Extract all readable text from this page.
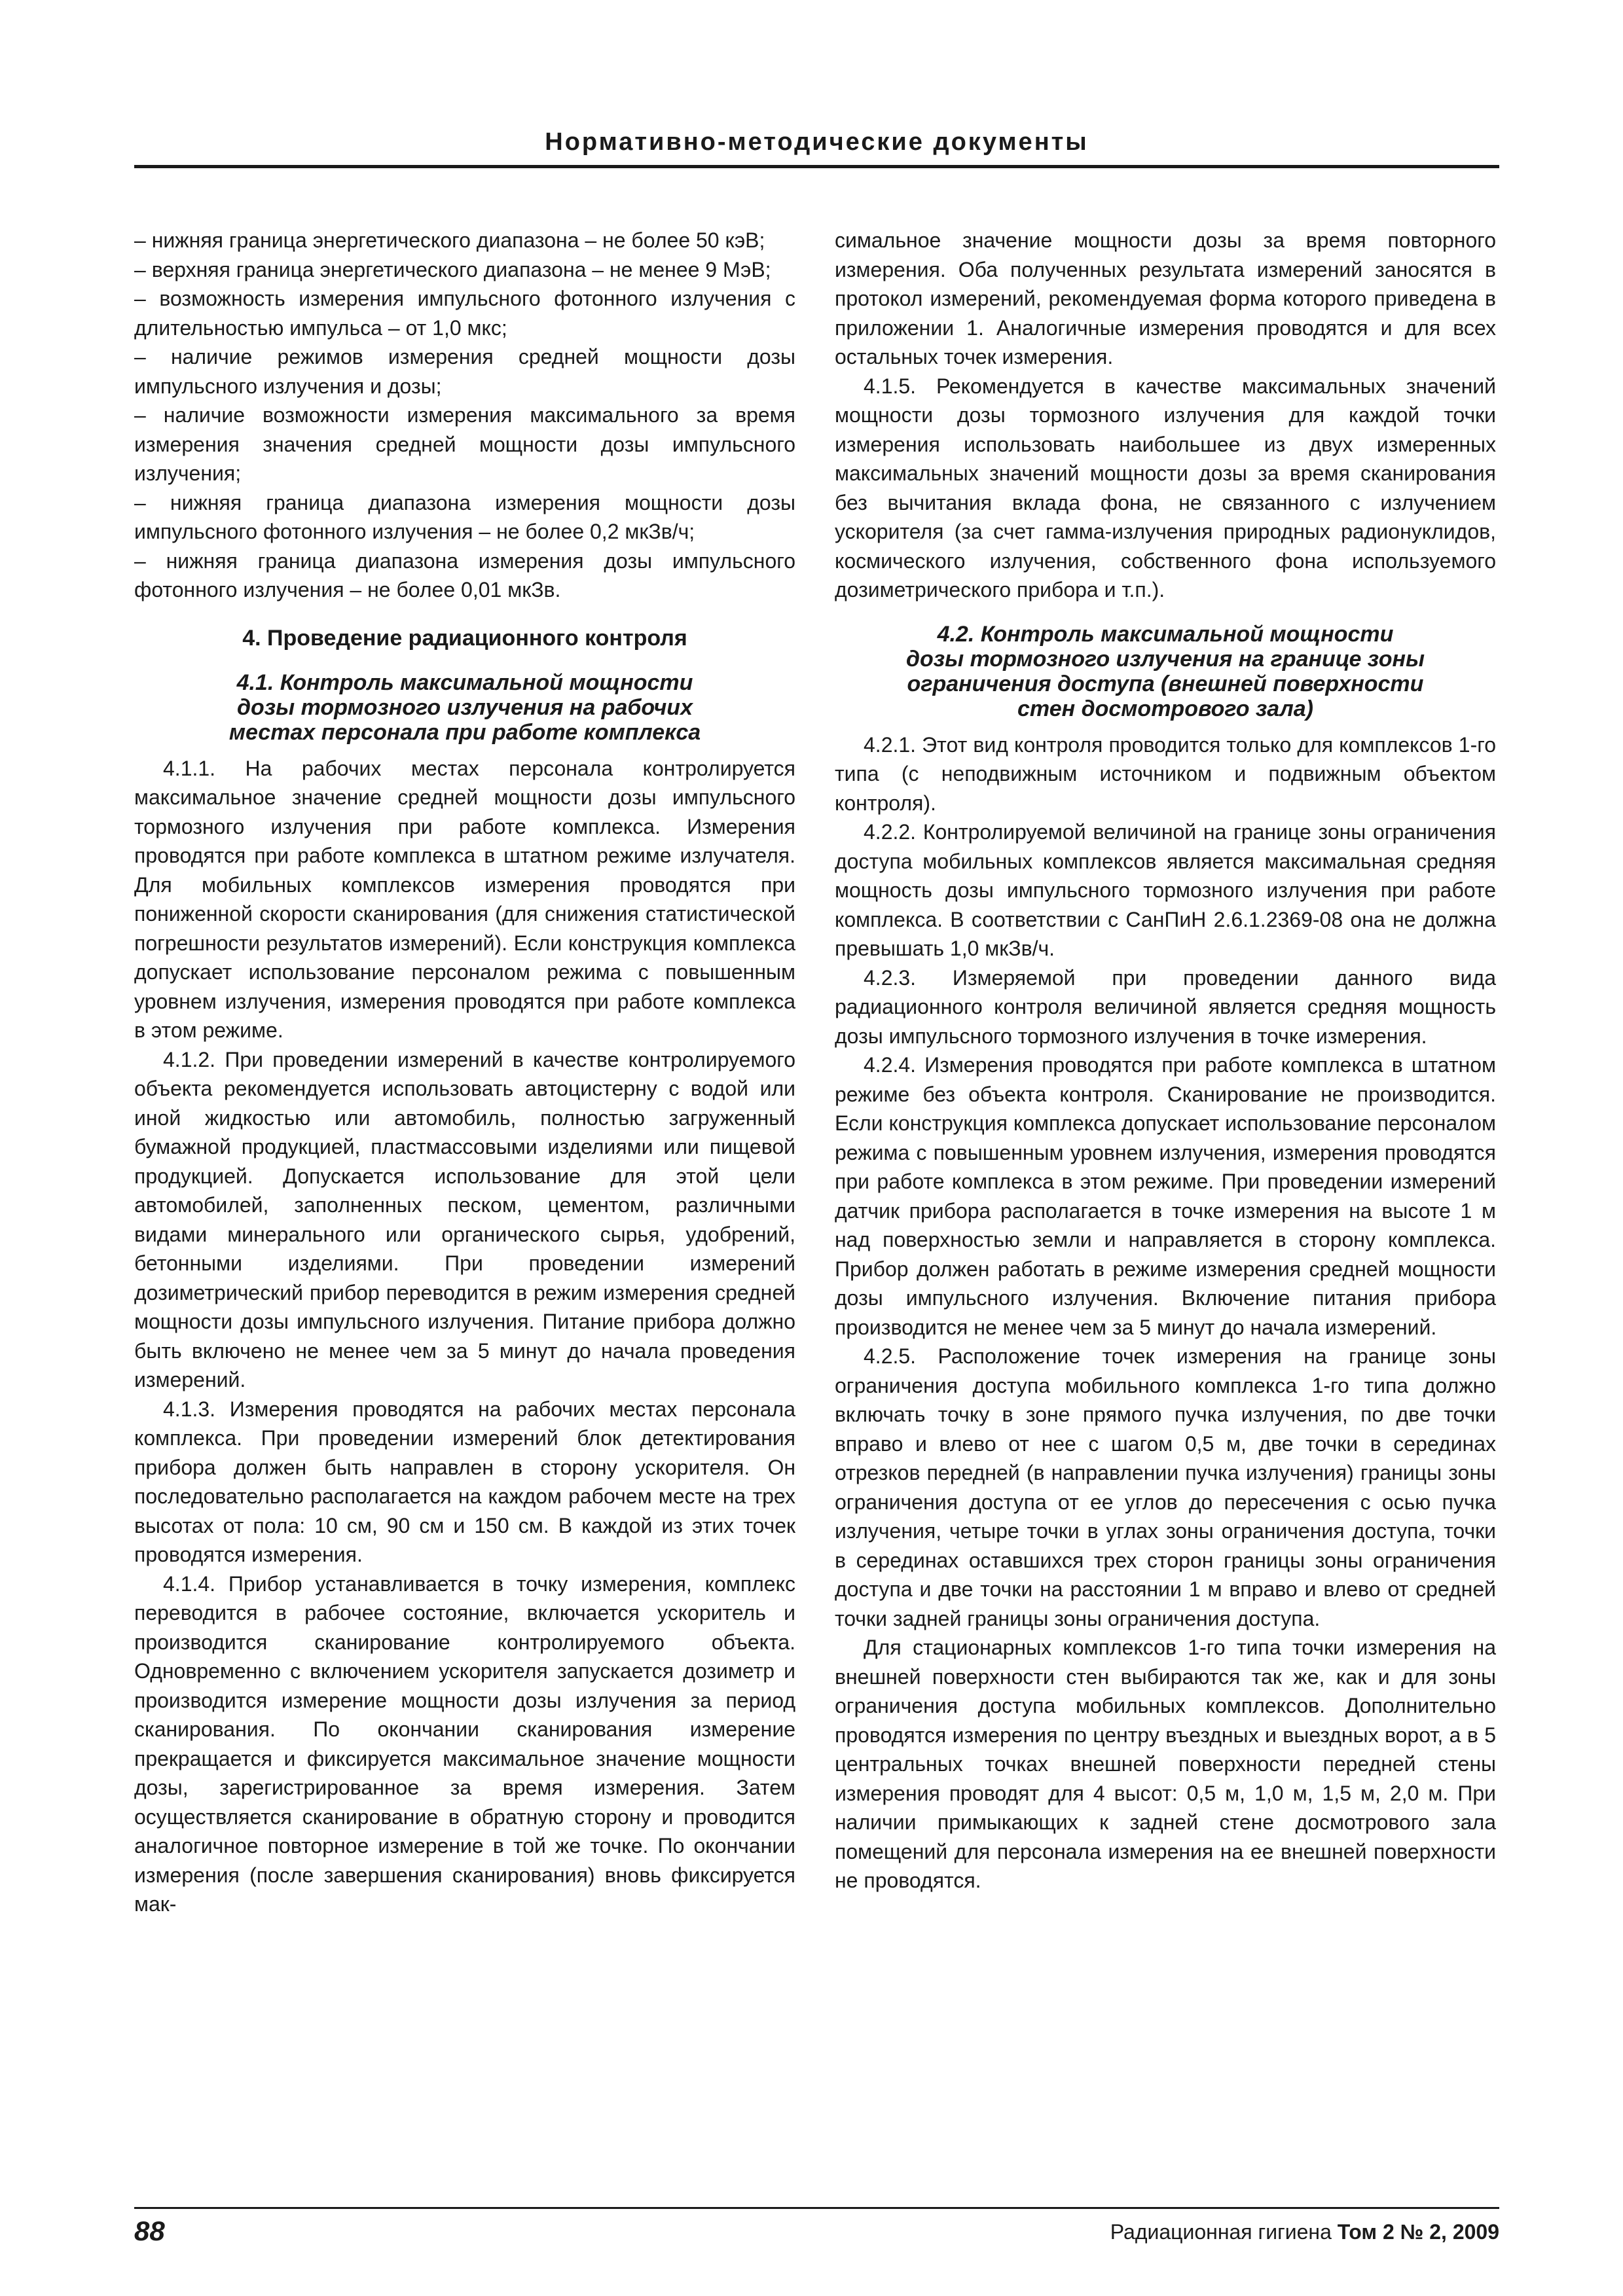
Нормативно-методические документы

– нижняя граница энергетического диапазона – не более 50 кэВ;

– верхняя граница энергетического диапазона – не менее 9 МэВ;

– возможность измерения импульсного фотонного излучения с длительностью импульса – от 1,0 мкс;

– наличие режимов измерения средней мощности дозы импульсного излучения и дозы;

– наличие возможности измерения максимального за время измерения значения средней мощности дозы импульсного излучения;

– нижняя граница диапазона измерения мощности дозы импульсного фотонного излучения – не более 0,2 мкЗв/ч;

– нижняя граница диапазона измерения дозы импульсного фотонного излучения – не более 0,01 мкЗв.

4. Проведение радиационного контроля
4.1. Контроль максимальной мощности
дозы тормозного излучения на рабочих
местах персонала при работе комплекса

4.1.1. На рабочих местах персонала контролируется максимальное значение средней мощности дозы импульсного тормозного излучения при работе комплекса. Измерения проводятся при работе комплекса в штатном режиме излучателя. Для мобильных комплексов измерения проводятся при пониженной скорости сканирования (для снижения статистической погрешности результатов измерений). Если конструкция комплекса допускает использование персоналом режима с повышенным уровнем излучения, измерения проводятся при работе комплекса в этом режиме.

4.1.2. При проведении измерений в качестве контролируемого объекта рекомендуется использовать автоцистерну с водой или иной жидкостью или автомобиль, полностью загруженный бумажной продукцией, пластмассовыми изделиями или пищевой продукцией. Допускается использование для этой цели автомобилей, заполненных песком, цементом, различными видами минерального или органического сырья, удобрений, бетонными изделиями. При проведении измерений дозиметрический прибор переводится в режим измерения средней мощности дозы импульсного излучения. Питание прибора должно быть включено не менее чем за 5 минут до начала проведения измерений.

4.1.3. Измерения проводятся на рабочих местах персонала комплекса. При проведении измерений блок детектирования прибора должен быть направлен в сторону ускорителя. Он последовательно располагается на каждом рабочем месте на трех высотах от пола: 10 см, 90 см и 150 см. В каждой из этих точек проводятся измерения.

4.1.4. Прибор устанавливается в точку измерения, комплекс переводится в рабочее состояние, включается ускоритель и производится сканирование контролируемого объекта. Одновременно с включением ускорителя запускается дозиметр и производится измерение мощности дозы излучения за период сканирования. По окончании сканирования измерение прекращается и фиксируется максимальное значение мощности дозы, зарегистрированное за время измерения. Затем осуществляется сканирование в обратную сторону и проводится аналогичное повторное измерение в той же точке. По окончании измерения (после завершения сканирования) вновь фиксируется мак-

симальное значение мощности дозы за время повторного измерения. Оба полученных результата измерений заносятся в протокол измерений, рекомендуемая форма которого приведена в приложении 1. Аналогичные измерения проводятся и для всех остальных точек измерения.

4.1.5. Рекомендуется в качестве максимальных значений мощности дозы тормозного излучения для каждой точки измерения использовать наибольшее из двух измеренных максимальных значений мощности дозы за время сканирования без вычитания вклада фона, не связанного с излучением ускорителя (за счет гамма-излучения природных радионуклидов, космического излучения, собственного фона используемого дозиметрического прибора и т.п.).

4.2. Контроль максимальной мощности
дозы тормозного излучения на границе зоны
ограничения доступа (внешней поверхности
стен досмотрового зала)

4.2.1. Этот вид контроля проводится только для комплексов 1-го типа (с неподвижным источником и подвижным объектом контроля).

4.2.2. Контролируемой величиной на границе зоны ограничения доступа мобильных комплексов является максимальная средняя мощность дозы импульсного тормозного излучения при работе комплекса. В соответствии с СанПиН 2.6.1.2369-08 она не должна превышать 1,0 мкЗв/ч.

4.2.3. Измеряемой при проведении данного вида радиационного контроля величиной является средняя мощность дозы импульсного тормозного излучения в точке измерения.

4.2.4. Измерения проводятся при работе комплекса в штатном режиме без объекта контроля. Сканирование не производится. Если конструкция комплекса допускает использование персоналом режима с повышенным уровнем излучения, измерения проводятся при работе комплекса в этом режиме. При проведении измерений датчик прибора располагается в точке измерения на высоте 1 м над поверхностью земли и направляется в сторону комплекса. Прибор должен работать в режиме измерения средней мощности дозы импульсного излучения. Включение питания прибора производится не менее чем за 5 минут до начала измерений.

4.2.5. Расположение точек измерения на границе зоны ограничения доступа мобильного комплекса 1-го типа должно включать точку в зоне прямого пучка излучения, по две точки вправо и влево от нее с шагом 0,5 м, две точки в серединах отрезков передней (в направлении пучка излучения) границы зоны ограничения доступа от ее углов до пересечения с осью пучка излучения, четыре точки в углах зоны ограничения доступа, точки в серединах оставшихся трех сторон границы зоны ограничения доступа и две точки на расстоянии 1 м вправо и влево от средней точки задней границы зоны ограничения доступа.

Для стационарных комплексов 1-го типа точки измерения на внешней поверхности стен выбираются так же, как и для зоны ограничения доступа мобильных комплексов. Дополнительно проводятся измерения по центру въездных и выездных ворот, а в 5 центральных точках внешней поверхности передней стены измерения проводят для 4 высот: 0,5 м, 1,0 м, 1,5 м, 2,0 м. При наличии примыкающих к задней стене досмотрового зала помещений для персонала измерения на ее внешней поверхности не проводятся.

88	Радиационная гигиена Том 2 № 2, 2009
